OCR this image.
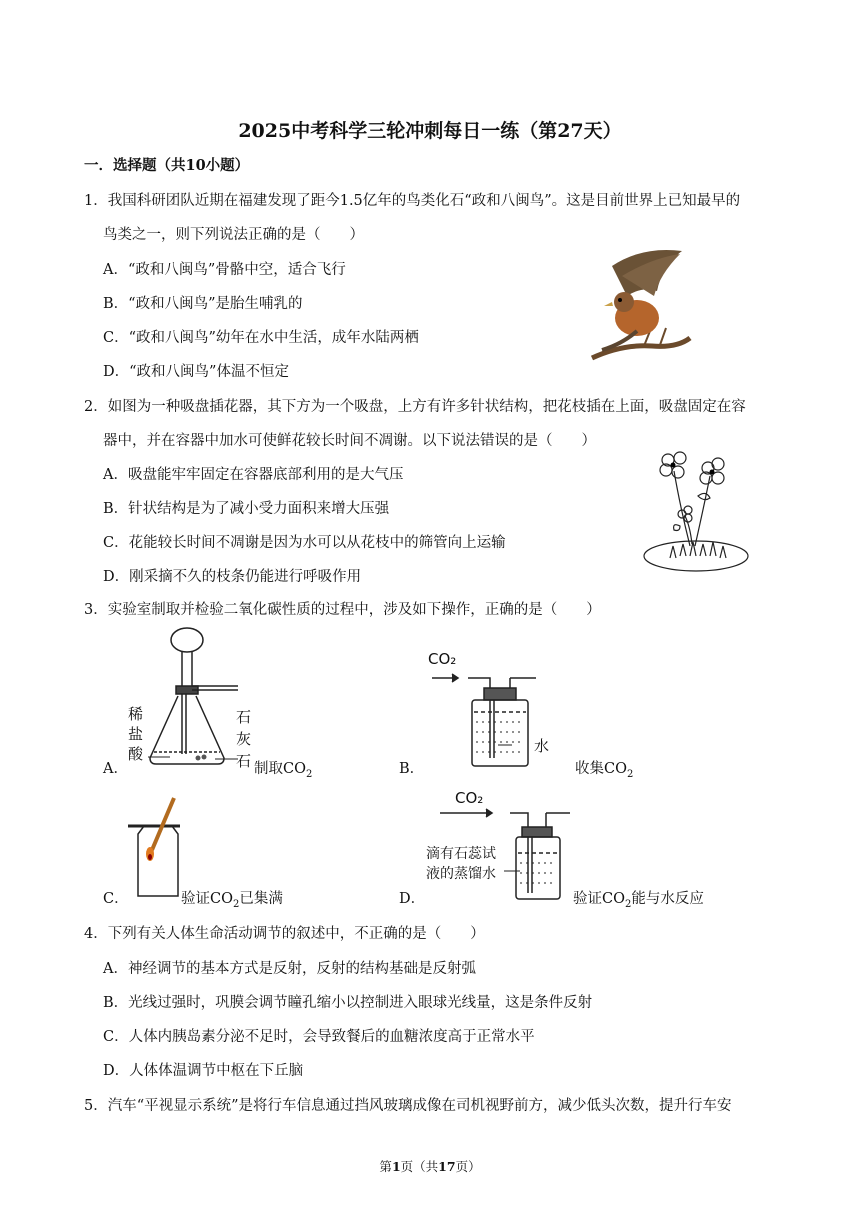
2025中考科学三轮冲刺每日一练（第27天）
一．选择题（共10小题）
1．我国科研团队近期在福建发现了距今1.5亿年的鸟类化石“政和八闽鸟”。这是目前世界上已知最早的
鸟类之一，则下列说法正确的是（　　）
A．“政和八闽鸟”骨骼中空，适合飞行
B．“政和八闽鸟”是胎生哺乳的
C．“政和八闽鸟”幼年在水中生活，成年水陆两栖
D．“政和八闽鸟”体温不恒定
2．如图为一种吸盘插花器，其下方为一个吸盘，上方有许多针状结构，把花枝插在上面，吸盘固定在容
器中，并在容器中加水可使鲜花较长时间不凋谢。以下说法错误的是（　　）
A．吸盘能牢牢固定在容器底部利用的是大气压
B．针状结构是为了减小受力面积来增大压强
C．花能较长时间不凋谢是因为水可以从花枝中的筛管向上运输
D．刚采摘不久的枝条仍能进行呼吸作用
3．实验室制取并检验二氧化碳性质的过程中，涉及如下操作，正确的是（　　）
A．
稀
盐
酸
石
灰
石 制取$CO_2$	B．
CO₂
水
收集$CO_2$
C．	验证$CO_2$已集满	D．
CO₂
滴有石蕊试
液的蒸馏水
验证$CO_2$能与水反应
4．下列有关人体生命活动调节的叙述中，不正确的是（　　）
A．神经调节的基本方式是反射，反射的结构基础是反射弧
B．光线过强时，巩膜会调节瞳孔缩小以控制进入眼球光线量，这是条件反射
C．人体内胰岛素分泌不足时，会导致餐后的血糖浓度高于正常水平
D．人体体温调节中枢在下丘脑
5．汽车“平视显示系统”是将行车信息通过挡风玻璃成像在司机视野前方，减少低头次数，提升行车安
第1页（共17页）
